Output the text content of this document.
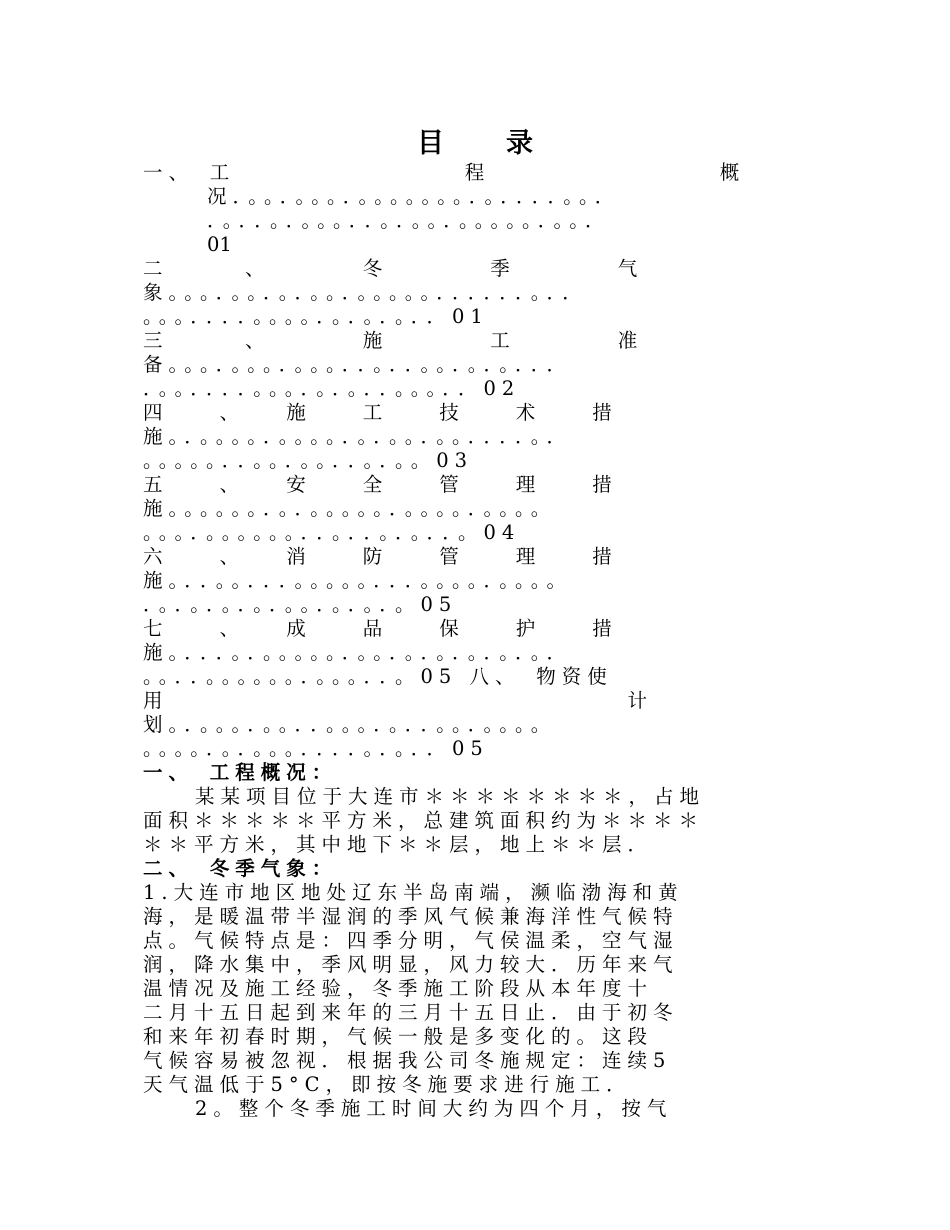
目录
一、　工　　　　　　　　　程　　　　　　　　　概
况．。。．。。。．。。。。。。。．。．．．．。。．
．。．．。．。。。．．。．。。．。。。。。．。。．
01
二　　　、　　　　冬　　　　季　　　　气
象。。。．。。．。．。。．。。。。。．．．．．．。．．
。。。．．．．。。。。．。．。．。．．01
三　　　、　　　　施　　　　工　　　　准
备。。。．。。。．。。。．．。．．。。．。．。．．．
．。。．．．．。。。．。．。．．。。。．．02
四　　、　　施　　工　　技　　术　　措
施。．。。。。．。。。。．。．。。．。。．．．．。．
。。。。。．．。。．。。．．。．。。03
五　　、　　安　　全　　管　　理　　措
施。。。。。。．。．。。。。。．。。。。．。。。。
。。。．。。。。。。．．。．．。．。．．。04
六　　、　　消　　防　　管　　理　　措
施。．．。。．．．。。。。。．．．。。。。．。。。。
．。．。．。．。．。。．。．。．。05
七　　、　　成　　品　　保　　护　　措
施。．．．。．。。。。。．。。．。．。．。．。．。．
。。．．。。。。。。．。。。．．。05 八、　物资使
用　　　　　　　　　　　　　　　　　　计
划。．。。。．。。．．。。。．。．．。。．。。。。
。。。。．。．。。。．．．．。．。．．05
一、　工程概况：
某某项目位于大连市＊＊＊＊＊＊＊＊，占地
面积＊＊＊＊＊平方米，总建筑面积约为＊＊＊＊
＊＊平方米，其中地下＊＊层，地上＊＊层．
二、　冬季气象：
1.大连市地区地处辽东半岛南端，濒临渤海和黄
海，是暖温带半湿润的季风气候兼海洋性气候特
点。气候特点是：四季分明，气侯温柔，空气湿
润，降水集中，季风明显，风力较大．历年来气
温情况及施工经验，冬季施工阶段从本年度十
二月十五日起到来年的三月十五日止．由于初冬
和来年初春时期，气候一般是多变化的。这段
气候容易被忽视．根据我公司冬施规定：连续5
天气温低于5°C，即按冬施要求进行施工．
2。整个冬季施工时间大约为四个月，按气
